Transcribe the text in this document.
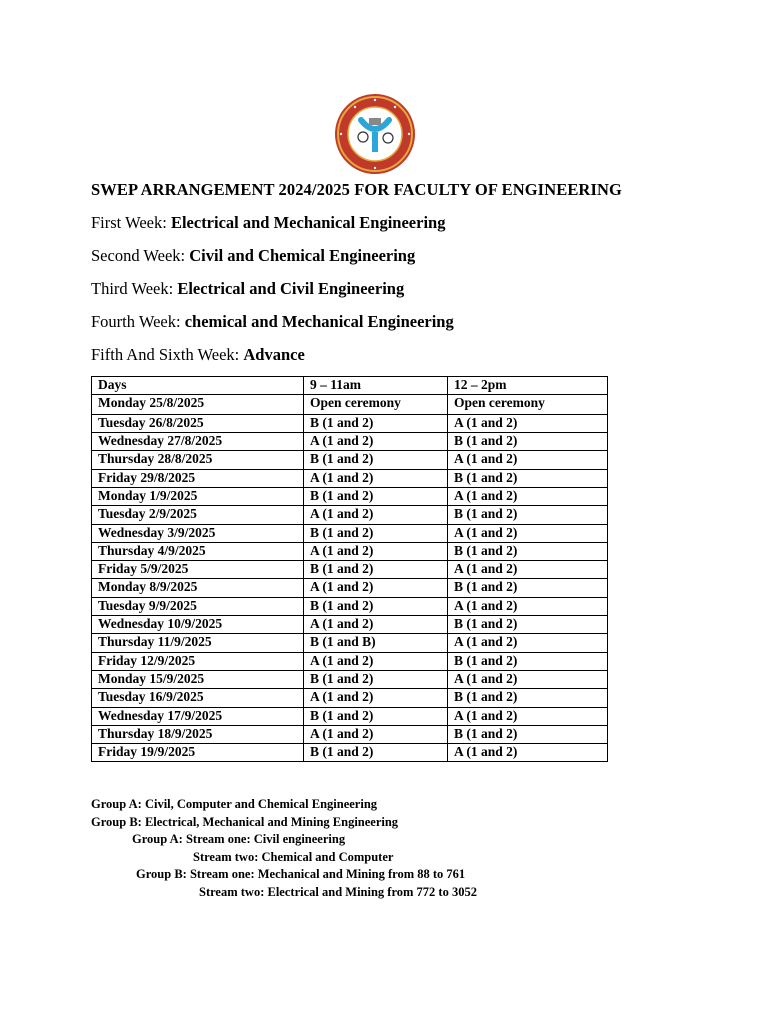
SWEP ARRANGEMENT 2024/2025 FOR FACULTY OF ENGINEERING
First Week: Electrical and Mechanical Engineering
Second Week: Civil and Chemical Engineering
Third Week: Electrical and Civil Engineering
Fourth Week: chemical and Mechanical Engineering
Fifth And Sixth Week: Advance
Days	9 – 11am	12 – 2pm
Monday 25/8/2025	Open ceremony	Open ceremony
Tuesday 26/8/2025	B (1 and 2)	A (1 and 2)
Wednesday 27/8/2025	A (1 and 2)	B (1 and 2)
Thursday 28/8/2025	B (1 and 2)	A (1 and 2)
Friday 29/8/2025	A (1 and 2)	B (1 and 2)
Monday 1/9/2025	B (1 and 2)	A (1 and 2)
Tuesday 2/9/2025	A (1 and 2)	B (1 and 2)
Wednesday 3/9/2025	B (1 and 2)	A (1 and 2)
Thursday 4/9/2025	A (1 and 2)	B (1 and 2)
Friday 5/9/2025	B (1 and 2)	A (1 and 2)
Monday 8/9/2025	A (1 and 2)	B (1 and 2)
Tuesday 9/9/2025	B (1 and 2)	A (1 and 2)
Wednesday 10/9/2025	A (1 and 2)	B (1 and 2)
Thursday 11/9/2025	B (1 and B)	A (1 and 2)
Friday 12/9/2025	A (1 and 2)	B (1 and 2)
Monday 15/9/2025	B (1 and 2)	A (1 and 2)
Tuesday 16/9/2025	A (1 and 2)	B (1 and 2)
Wednesday 17/9/2025	B (1 and 2)	A (1 and 2)
Thursday 18/9/2025	A (1 and 2)	B (1 and 2)
Friday 19/9/2025	B (1 and 2)	A (1 and 2)
Group A: Civil, Computer and Chemical Engineering
Group B: Electrical, Mechanical and Mining Engineering
Group A: Stream one: Civil engineering
Stream two: Chemical and Computer
Group B: Stream one: Mechanical and Mining from 88 to 761
Stream two: Electrical and Mining from 772 to 3052
